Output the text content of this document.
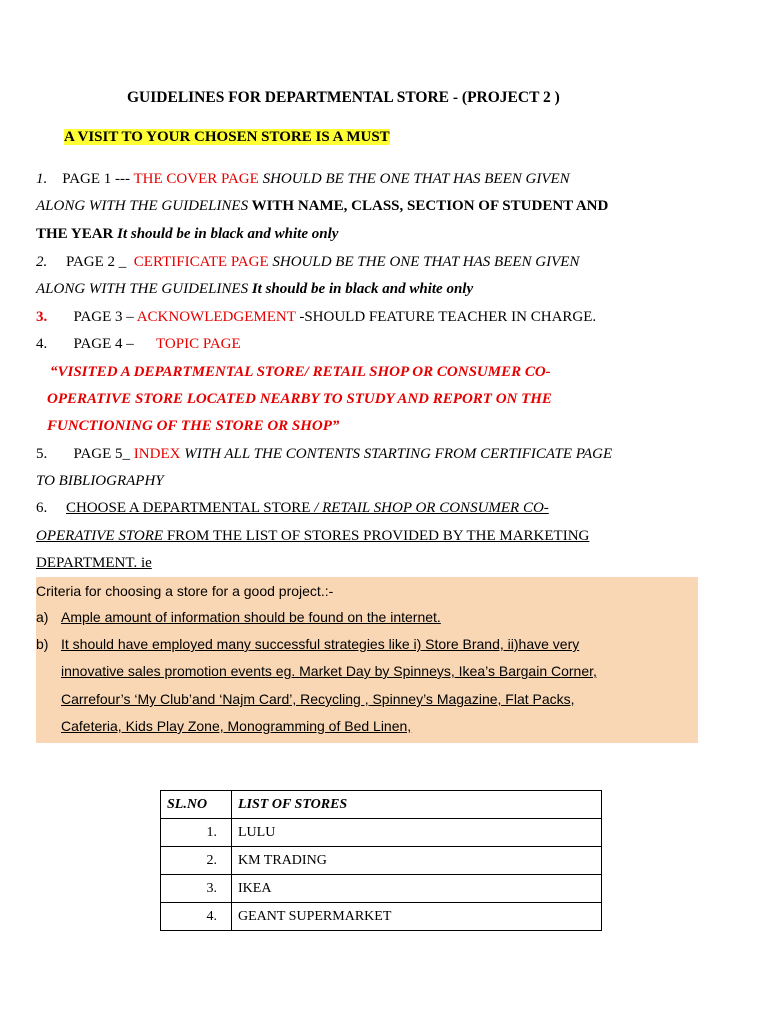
GUIDELINES FOR DEPARTMENTAL STORE - (PROJECT 2 )
A VISIT TO YOUR CHOSEN STORE IS A MUST
1. PAGE 1 --- THE COVER PAGE SHOULD BE THE ONE THAT HAS BEEN GIVEN
ALONG WITH THE GUIDELINES WITH NAME, CLASS, SECTION OF STUDENT AND
THE YEAR It should be in black and white only
2. PAGE 2 _  CERTIFICATE PAGE SHOULD BE THE ONE THAT HAS BEEN GIVEN
ALONG WITH THE GUIDELINES It should be in black and white only
3. PAGE 3 – ACKNOWLEDGEMENT -SHOULD FEATURE TEACHER IN CHARGE.
4. PAGE 4 – TOPIC PAGE
“VISITED A DEPARTMENTAL STORE/ RETAIL SHOP OR CONSUMER CO-
OPERATIVE STORE LOCATED NEARBY TO STUDY AND REPORT ON THE
FUNCTIONING OF THE STORE OR SHOP”
5. PAGE 5_ INDEX WITH ALL THE CONTENTS STARTING FROM CERTIFICATE PAGE
TO BIBLIOGRAPHY
6. CHOOSE A DEPARTMENTAL STORE / RETAIL SHOP OR CONSUMER CO-
OPERATIVE STORE FROM THE LIST OF STORES PROVIDED BY THE MARKETING
DEPARTMENT. ie
Criteria for choosing a store for a good project.:-
a) Ample amount of information should be found on the internet.
b) It should have employed many successful strategies like i) Store Brand, ii)have very
innovative sales promotion events eg. Market Day by Spinneys, Ikea’s Bargain Corner,
Carrefour’s ‘My Club’and ‘Najm Card’, Recycling , Spinney’s Magazine, Flat Packs,
Cafeteria, Kids Play Zone, Monogramming of Bed Linen,
SL.NO	LIST OF STORES
1.	LULU
2.	KM TRADING
3.	IKEA
4.	GEANT SUPERMARKET
